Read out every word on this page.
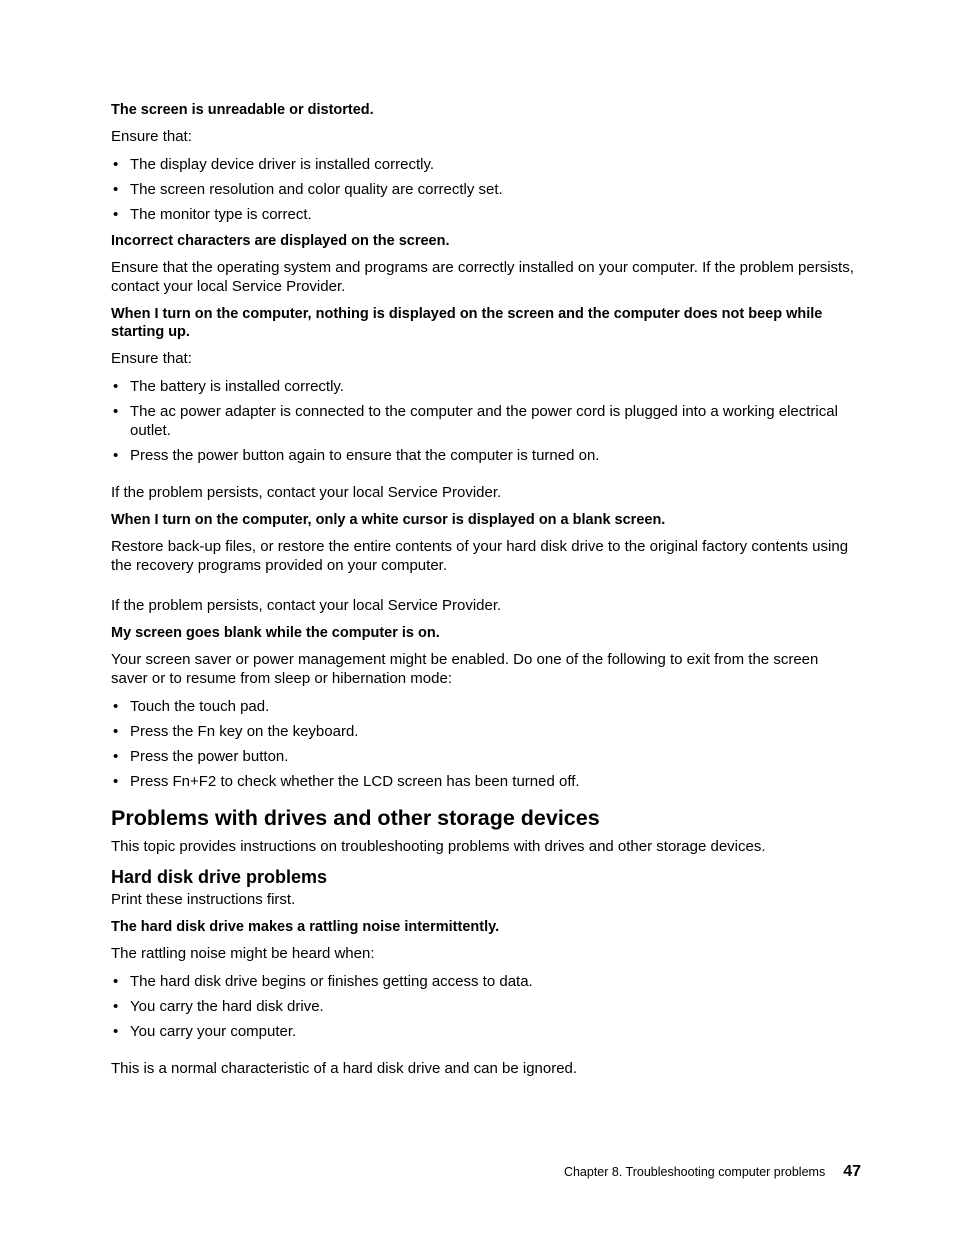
The screen is unreadable or distorted.

Ensure that:

• The display device driver is installed correctly.
• The screen resolution and color quality are correctly set.
• The monitor type is correct.
Incorrect characters are displayed on the screen.

Ensure that the operating system and programs are correctly installed on your computer. If the problem persists, contact your local Service Provider.

When I turn on the computer, nothing is displayed on the screen and the computer does not beep while starting up.

Ensure that:

• The battery is installed correctly.
• The ac power adapter is connected to the computer and the power cord is plugged into a working electrical outlet.
• Press the power button again to ensure that the computer is turned on.

If the problem persists, contact your local Service Provider.

When I turn on the computer, only a white cursor is displayed on a blank screen.

Restore back-up files, or restore the entire contents of your hard disk drive to the original factory contents using the recovery programs provided on your computer.

If the problem persists, contact your local Service Provider.

My screen goes blank while the computer is on.

Your screen saver or power management might be enabled. Do one of the following to exit from the screen saver or to resume from sleep or hibernation mode:

• Touch the touch pad.
• Press the Fn key on the keyboard.
• Press the power button.
• Press Fn+F2 to check whether the LCD screen has been turned off.
Problems with drives and other storage devices

This topic provides instructions on troubleshooting problems with drives and other storage devices.

Hard disk drive problems

Print these instructions first.

The hard disk drive makes a rattling noise intermittently.

The rattling noise might be heard when:

• The hard disk drive begins or finishes getting access to data.
• You carry the hard disk drive.
• You carry your computer.

This is a normal characteristic of a hard disk drive and can be ignored.

Chapter 8. Troubleshooting computer problems 47
